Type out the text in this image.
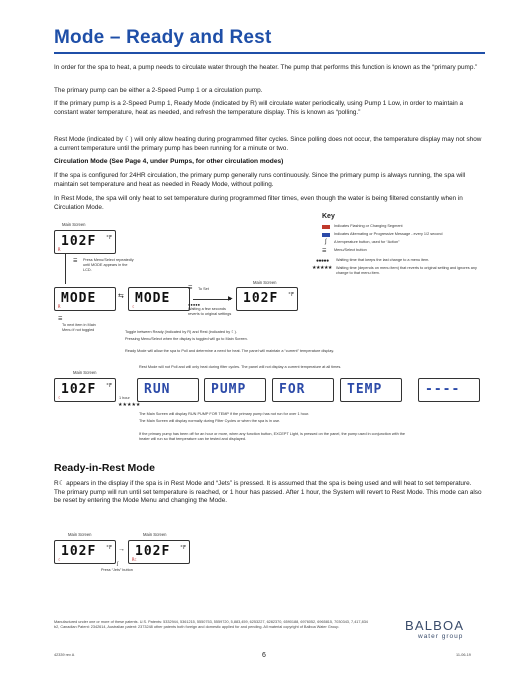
Mode – Ready and Rest
In order for the spa to heat, a pump needs to circulate water through the heater. The pump that performs this function is known as the “primary pump.”
The primary pump can be either a 2-Speed Pump 1 or a circulation pump.
If the primary pump is a 2-Speed Pump 1, Ready Mode (indicated by R) will circulate water periodically, using Pump 1 Low, in order to maintain a constant water temperature, heat as needed, and refresh the temperature display. This is known as “polling.”
Rest Mode (indicated by ☾) will only allow heating during programmed filter cycles. Since polling does not occur, the temperature display may not show a current temperature until the primary pump has been running for a minute or two.
Circulation Mode (See Page 4, under Pumps, for other circulation modes)
If the spa is configured for 24HR circulation, the primary pump generally runs continuously. Since the primary pump is always running, the spa will maintain set temperature and heat as needed in Ready Mode, without polling.
In Rest Mode, the spa will only heat to set temperature during programmed filter times, even though the water is being filtered constantly when in Circulation Mode.
Key
Indicates Flashing or Changing Segment
Indicates Alternating or Progressive Message - every 1/2 second
∫ A temperature button, used for “Action”
☰ Menu/Select button
●●●●● Waiting time that keeps the last change to a menu item.
★★★★★ Waiting time (depends on menu item) that reverts to original setting and ignores any change to that menu item.
Main Screen
102F °F
R
☰ Press Menu/Select repeatedly until MODE appears in the LCD.
MODE
R
⇆ MODE
☾
☰ To Set
▶
●●●●●
Waiting a few seconds reverts to original settings
Main Screen
102F °F
☰
To next item in Main Menu if not toggled	Toggle between Ready (indicated by R) and Rest (indicated by ☾).
Pressing Menu/Select when the display is toggled will go to Main Screen.
Ready Mode will allow the spa to Poll and determine a need for heat. The panel will maintain a “current” temperature display.
Rest Mode will not Poll and will only heat during filter cycles. The panel will not display a current temperature at all times.
Main Screen
102F °F
☾	1 hour
★★★★★
RUN	PUMP	FOR	TEMP	----
The Main Screen will display RUN PUMP FOR TEMP if the primary pump has not run for over 1 hour.
The Main Screen will display normally during Filter Cycles or when the spa is in use.
If the primary pump has been off for an hour or more, when any function button, EXCEPT Light, is pressed on the panel, the pump used in conjunction with the heater will run so that temperature can be tested and displayed.
Ready-in-Rest Mode
R☾ appears in the display if the spa is in Rest Mode and “Jets” is pressed. It is assumed that the spa is being used and will heat to set temperature. The primary pump will run until set temperature is reached, or 1 hour has passed. After 1 hour, the System will revert to Rest Mode. This mode can also be reset by entering the Mode Menu and changing the Mode.
Main Screen
102F °F
☾
→
Main Screen
102F °F
R☾
∫
Press “Jets” button
Manufactured under one or more of these patents. U.S. Patents: 5332944, 5361215, 5550753, 5559720, 5,883,459, 6253227, 6282370, 6590188, 6976052, 6965815, 7030343, 7,417,834 b2, Canadian Patent: 2342614, Australian patent: 2373248 other patents both foreign and domestic applied for and pending. All material copyright of Balboa Water Group.	BALBOA
water group
42339 rev A	6	11-06-19
